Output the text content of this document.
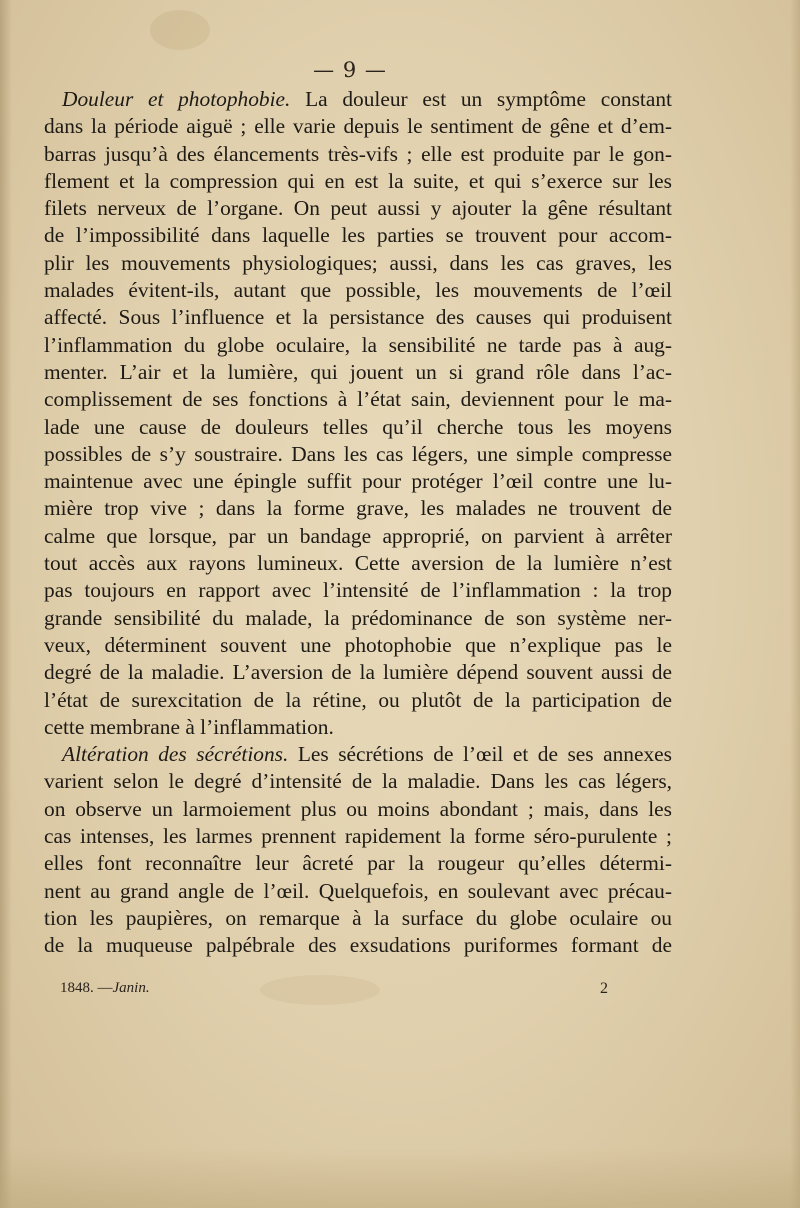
— 9 —
Douleur et photophobie. La douleur est un symptôme constant
dans la période aiguë ; elle varie depuis le sentiment de gêne et d’em-
barras jusqu’à des élancements très-vifs ; elle est produite par le gon-
flement et la compression qui en est la suite, et qui s’exerce sur les
filets nerveux de l’organe. On peut aussi y ajouter la gêne résultant
de l’impossibilité dans laquelle les parties se trouvent pour accom-
plir les mouvements physiologiques; aussi, dans les cas graves, les
malades évitent-ils, autant que possible, les mouvements de l’œil
affecté. Sous l’influence et la persistance des causes qui produisent
l’inflammation du globe oculaire, la sensibilité ne tarde pas à aug-
menter. L’air et la lumière, qui jouent un si grand rôle dans l’ac-
complissement de ses fonctions à l’état sain, deviennent pour le ma-
lade une cause de douleurs telles qu’il cherche tous les moyens
possibles de s’y soustraire. Dans les cas légers, une simple compresse
maintenue avec une épingle suffit pour protéger l’œil contre une lu-
mière trop vive ; dans la forme grave, les malades ne trouvent de
calme que lorsque, par un bandage approprié, on parvient à arrêter
tout accès aux rayons lumineux. Cette aversion de la lumière n’est
pas toujours en rapport avec l’intensité de l’inflammation : la trop
grande sensibilité du malade, la prédominance de son système ner-
veux, déterminent souvent une photophobie que n’explique pas le
degré de la maladie. L’aversion de la lumière dépend souvent aussi de
l’état de surexcitation de la rétine, ou plutôt de la participation de
cette membrane à l’inflammation.
Altération des sécrétions. Les sécrétions de l’œil et de ses annexes
varient selon le degré d’intensité de la maladie. Dans les cas légers,
on observe un larmoiement plus ou moins abondant ; mais, dans les
cas intenses, les larmes prennent rapidement la forme séro-purulente ;
elles font reconnaître leur âcreté par la rougeur qu’elles détermi-
nent au grand angle de l’œil. Quelquefois, en soulevant avec précau-
tion les paupières, on remarque à la surface du globe oculaire ou
de la muqueuse palpébrale des exsudations puriformes formant de
1848. —Janin.	2
